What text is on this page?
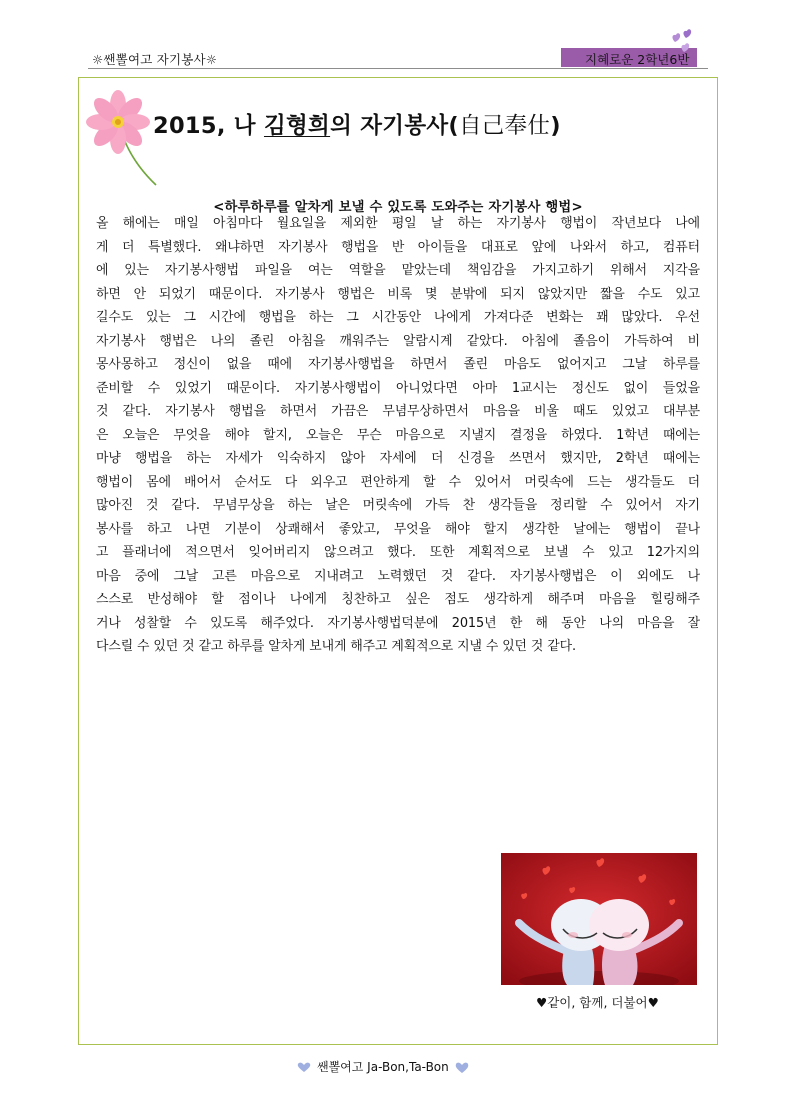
☼쌘뽈여고 자기봉사☼	지혜로운 2학년6반
2015, 나 김형희의 자기봉사(自己奉仕)
<하루하루를 알차게 보낼 수 있도록 도와주는 자기봉사 행법>
올 해에는 매일 아침마다 월요일을 제외한 평일 날 하는 자기봉사 행법이 작년보다 나에
게 더 특별했다. 왜냐하면 자기봉사 행법을 반 아이들을 대표로 앞에 나와서 하고, 컴퓨터
에 있는 자기봉사행법 파일을 여는 역할을 맡았는데 책임감을 가지고하기 위해서 지각을
하면 안 되었기 때문이다. 자기봉사 행법은 비록 몇 분밖에 되지 않았지만 짧을 수도 있고
길수도 있는 그 시간에 행법을 하는 그 시간동안 나에게 가져다준 변화는 꽤 많았다. 우선
자기봉사 행법은 나의 졸린 아침을 깨워주는 알람시계 같았다. 아침에 졸음이 가득하여 비
몽사몽하고 정신이 없을 때에 자기봉사행법을 하면서 졸린 마음도 없어지고 그날 하루를
준비할 수 있었기 때문이다. 자기봉사행법이 아니었다면 아마 1교시는 정신도 없이 들었을
것 같다. 자기봉사 행법을 하면서 가끔은 무념무상하면서 마음을 비울 때도 있었고 대부분
은 오늘은 무엇을 해야 할지, 오늘은 무슨 마음으로 지낼지 결정을 하였다. 1학년 때에는
마냥 행법을 하는 자세가 익숙하지 않아 자세에 더 신경을 쓰면서 했지만, 2학년 때에는
행법이 몸에 배어서 순서도 다 외우고 편안하게 할 수 있어서 머릿속에 드는 생각들도 더
많아진 것 같다. 무념무상을 하는 날은 머릿속에 가득 찬 생각들을 정리할 수 있어서 자기
봉사를 하고 나면 기분이 상쾌해서 좋았고, 무엇을 해야 할지 생각한 날에는 행법이 끝나
고 플래너에 적으면서 잊어버리지 않으려고 했다. 또한 계획적으로 보낼 수 있고 12가지의
마음 중에 그날 고른 마음으로 지내려고 노력했던 것 같다. 자기봉사행법은 이 외에도 나
스스로 반성해야 할 점이나 나에게 칭찬하고 싶은 점도 생각하게 해주며 마음을 힐링해주
거나 성찰할 수 있도록 해주었다. 자기봉사행법덕분에 2015년 한 해 동안 나의 마음을 잘
다스릴 수 있던 것 같고 하루를 알차게 보내게 해주고 계획적으로 지낼 수 있던 것 같다.
♥같이, 함께, 더불어♥
쌘뽈여고 Ja-Bon,Ta-Bon
